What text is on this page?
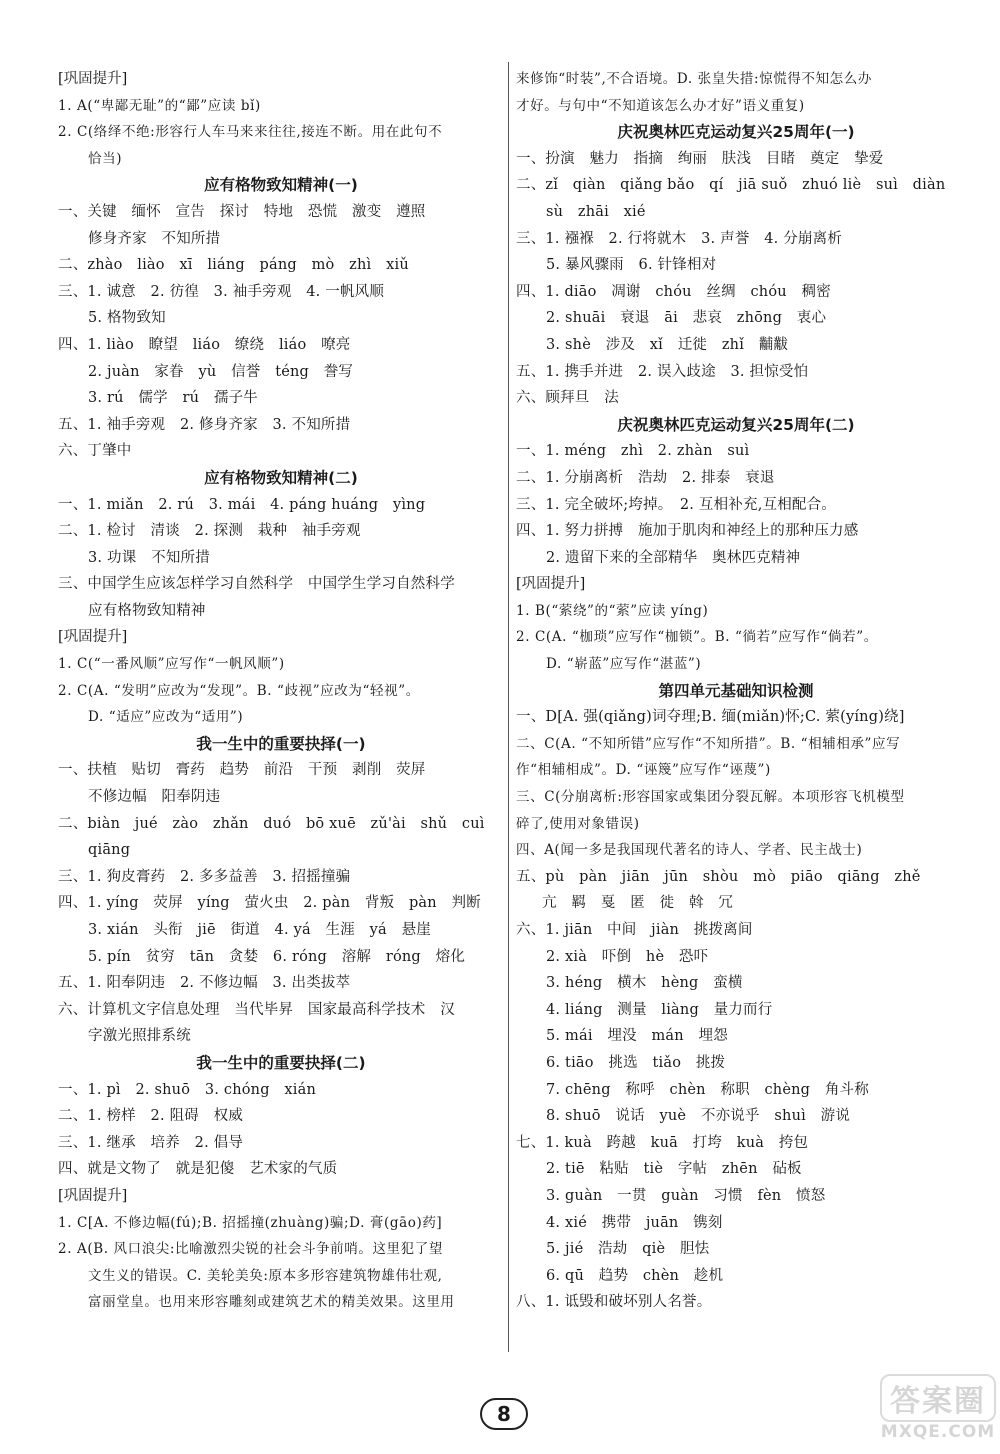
[巩固提升]
1. A(“卑鄙无耻”的“鄙”应读 bǐ)
2. C(络绎不绝:形容行人车马来来往往,接连不断。用在此句不
恰当)
应有格物致知精神(一)
一、关键　缅怀　宣告　探讨　特地　恐慌　激变　遵照
修身齐家　不知所措
二、zhào　liào　xī　liáng　páng　mò　zhì　xiǔ
三、1. 诚意　2. 彷徨　3. 袖手旁观　4. 一帆风顺
5. 格物致知
四、1. liào　瞭望　liáo　缭绕　liáo　嘹亮
2. juàn　家眷　yù　信誉　téng　誊写
3. rú　儒学　rú　孺子牛
五、1. 袖手旁观　2. 修身齐家　3. 不知所措
六、丁肇中
应有格物致知精神(二)
一、1. miǎn　2. rú　3. mái　4. páng huáng　yìng
二、1. 检讨　清谈　2. 探测　栽种　袖手旁观
3. 功课　不知所措
三、中国学生应该怎样学习自然科学　中国学生学习自然科学
应有格物致知精神
[巩固提升]
1. C(“一番风顺”应写作“一帆风顺”)
2. C(A. “发明”应改为“发现”。B. “歧视”应改为“轻视”。
D. “适应”应改为“适用”)
我一生中的重要抉择(一)
一、扶植　贴切　膏药　趋势　前沿　干预　剥削　荧屏
不修边幅　阳奉阴违
二、biàn　jué　zào　zhǎn　duó　bō xuē　zǔ'ài　shǔ　cuì
qiāng
三、1. 狗皮膏药　2. 多多益善　3. 招摇撞骗
四、1. yíng　荧屏　yíng　萤火虫　2. pàn　背叛　pàn　判断
3. xián　头衔　jiē　街道　4. yá　生涯　yá　悬崖
5. pín　贫穷　tān　贪婪　6. róng　溶解　róng　熔化
五、1. 阳奉阴违　2. 不修边幅　3. 出类拔萃
六、计算机文字信息处理　当代毕昇　国家最高科学技术　汉
字激光照排系统
我一生中的重要抉择(二)
一、1. pì　2. shuō　3. chóng　xián
二、1. 榜样　2. 阻碍　权威
三、1. 继承　培养　2. 倡导
四、就是文物了　就是犯傻　艺术家的气质
[巩固提升]
1. C[A. 不修边幅(fú);B. 招摇撞(zhuàng)骗;D. 膏(gāo)药]
2. A(B. 风口浪尖:比喻激烈尖锐的社会斗争前哨。这里犯了望
文生义的错误。C. 美轮美奂:原本多形容建筑物雄伟壮观,
富丽堂皇。也用来形容雕刻或建筑艺术的精美效果。这里用
来修饰“时装”,不合语境。D. 张皇失措:惊慌得不知怎么办
才好。与句中“不知道该怎么办才好”语义重复)
庆祝奥林匹克运动复兴25周年(一)
一、扮演　魅力　指摘　绚丽　肤浅　目睹　奠定　挚爱
二、zǐ　qiàn　qiǎng bǎo　qí　jiā suǒ　zhuó liè　suì　diàn
sù　zhāi　xié
三、1. 襁褓　2. 行将就木　3. 声誉　4. 分崩离析
5. 暴风骤雨　6. 针锋相对
四、1. diāo　凋谢　chóu　丝绸　chóu　稠密
2. shuāi　衰退　āi　悲哀　zhōng　衷心
3. shè　涉及　xǐ　迁徙　zhǐ　黼黻
五、1. 携手并进　2. 误入歧途　3. 担惊受怕
六、顾拜旦　法
庆祝奥林匹克运动复兴25周年(二)
一、1. méng　zhì　2. zhàn　suì
二、1. 分崩离析　浩劫　2. 排泰　衰退
三、1. 完全破坏;垮掉。　2. 互相补充,互相配合。
四、1. 努力拼搏　施加于肌肉和神经上的那种压力感
2. 遗留下来的全部精华　奥林匹克精神
[巩固提升]
1. B(“萦绕”的“萦”应读 yíng)
2. C(A. “枷琐”应写作“枷锁”。B. “徜若”应写作“倘若”。
D. “崭蓝”应写作“湛蓝”)
第四单元基础知识检测
一、D[A. 强(qiǎng)词夺理;B. 缅(miǎn)怀;C. 萦(yíng)绕]
二、C(A. “不知所错”应写作“不知所措”。B. “相辅相承”应写
作“相辅相成”。D. “诬篾”应写作“诬蔑”)
三、C(分崩离析:形容国家或集团分裂瓦解。本项形容飞机模型
碎了,使用对象错误)
四、A(闻一多是我国现代著名的诗人、学者、民主战士)
五、pù　pàn　jiān　jūn　shòu　mò　piāo　qiāng　zhě
亢　羁　戛　匿　徙　斡　冗
六、1. jiān　中间　jiàn　挑拨离间
2. xià　吓倒　hè　恐吓
3. héng　横木　hèng　蛮横
4. liáng　测量　liàng　量力而行
5. mái　埋没　mán　埋怨
6. tiāo　挑选　tiǎo　挑拨
7. chēng　称呼　chèn　称职　chèng　角斗称
8. shuō　说话　yuè　不亦说乎　shuì　游说
七、1. kuà　跨越　kuā　打垮　kuà　挎包
2. tiē　粘贴　tiè　字帖　zhēn　砧板
3. guàn　一贯　guàn　习惯　fèn　愤怒
4. xié　携带　juān　镌刻
5. jié　浩劫　qiè　胆怯
6. qū　趋势　chèn　趁机
八、1. 诋毁和破坏别人名誉。
8	答案圈
MXQE.COM
